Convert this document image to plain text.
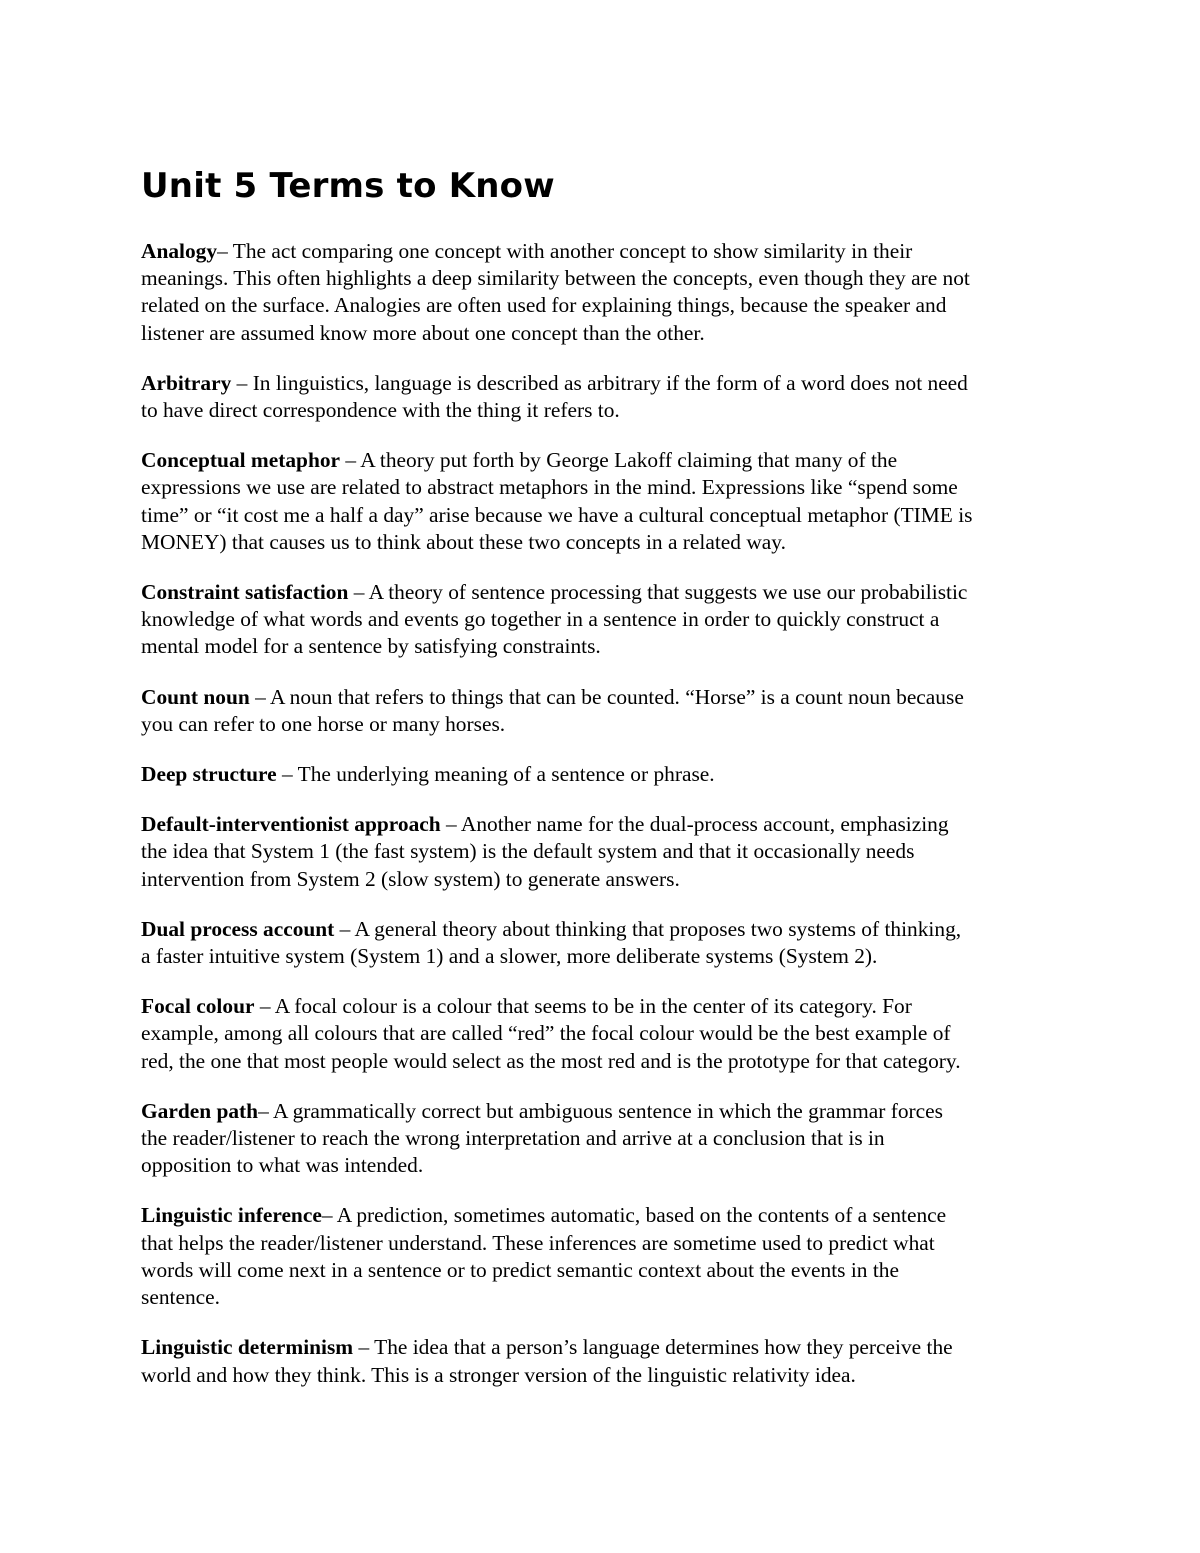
Unit 5 Terms to Know

Analogy– The act comparing one concept with another concept to show similarity in their
meanings. This often highlights a deep similarity between the concepts, even though they are not
related on the surface. Analogies are often used for explaining things, because the speaker and
listener are assumed know more about one concept than the other.

Arbitrary – In linguistics, language is described as arbitrary if the form of a word does not need
to have direct correspondence with the thing it refers to.

Conceptual metaphor – A theory put forth by George Lakoff claiming that many of the
expressions we use are related to abstract metaphors in the mind. Expressions like “spend some
time” or “it cost me a half a day” arise because we have a cultural conceptual metaphor (TIME is
MONEY) that causes us to think about these two concepts in a related way.

Constraint satisfaction – A theory of sentence processing that suggests we use our probabilistic
knowledge of what words and events go together in a sentence in order to quickly construct a
mental model for a sentence by satisfying constraints.

Count noun – A noun that refers to things that can be counted. “Horse” is a count noun because
you can refer to one horse or many horses.

Deep structure – The underlying meaning of a sentence or phrase.

Default-interventionist approach – Another name for the dual-process account, emphasizing
the idea that System 1 (the fast system) is the default system and that it occasionally needs
intervention from System 2 (slow system) to generate answers.

Dual process account – A general theory about thinking that proposes two systems of thinking,
a faster intuitive system (System 1) and a slower, more deliberate systems (System 2).

Focal colour – A focal colour is a colour that seems to be in the center of its category. For
example, among all colours that are called “red” the focal colour would be the best example of
red, the one that most people would select as the most red and is the prototype for that category.

Garden path– A grammatically correct but ambiguous sentence in which the grammar forces
the reader/listener to reach the wrong interpretation and arrive at a conclusion that is in
opposition to what was intended.

Linguistic inference– A prediction, sometimes automatic, based on the contents of a sentence
that helps the reader/listener understand. These inferences are sometime used to predict what
words will come next in a sentence or to predict semantic context about the events in the
sentence.

Linguistic determinism – The idea that a person’s language determines how they perceive the
world and how they think. This is a stronger version of the linguistic relativity idea.
